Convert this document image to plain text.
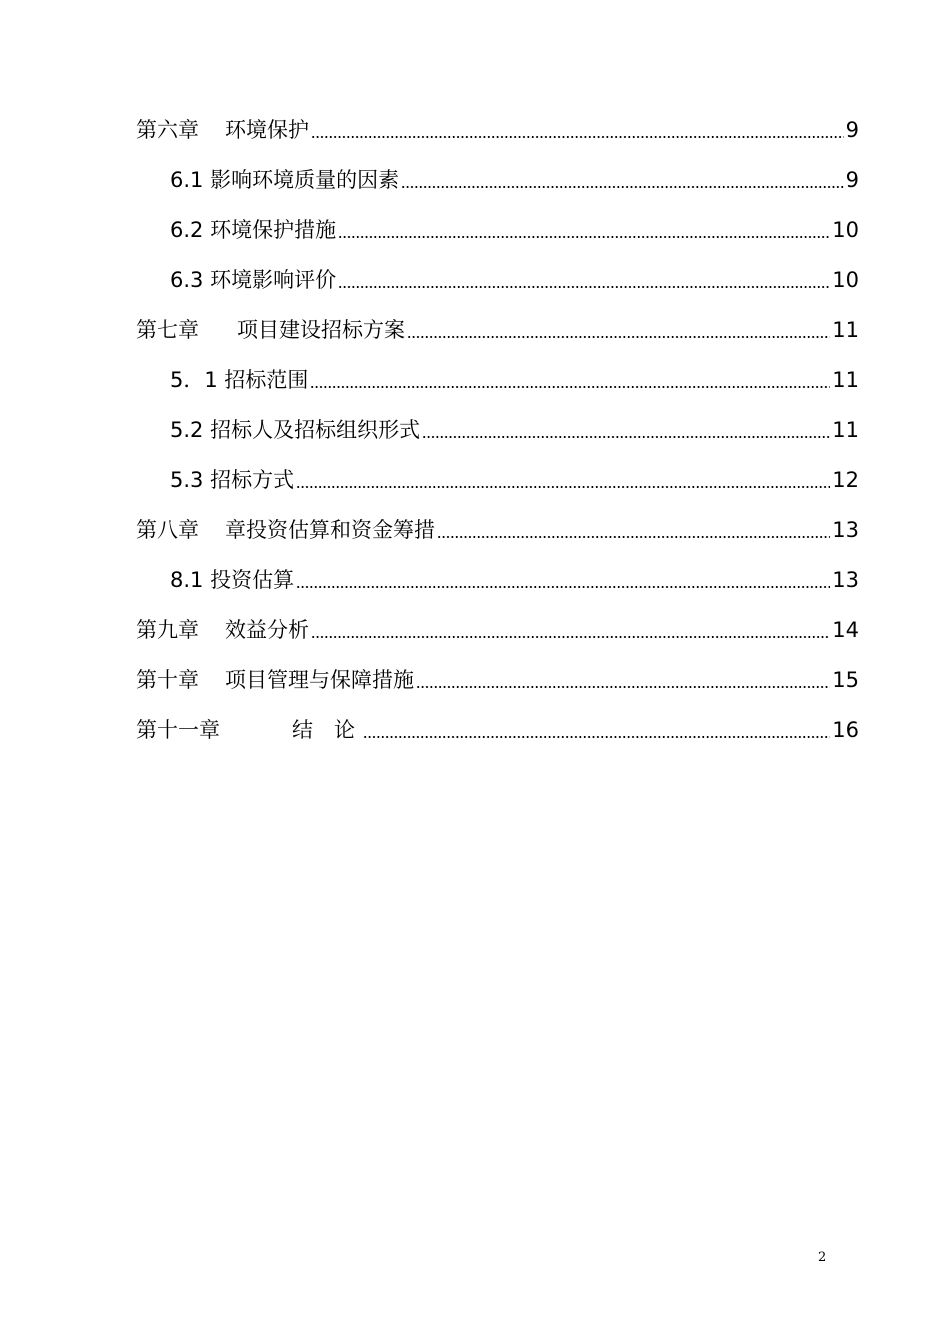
第六章	环境保护	9
6.1 影响环境质量的因素	9
6.2 环境保护措施	10
6.3 环境影响评价	10
第七章	项目建设招标方案	11
5．1 招标范围	11
5.2 招标人及招标组织形式	11
5.3 招标方式	12
第八章	章投资估算和资金筹措	13
8.1 投资估算	13
第九章	效益分析	14
第十章	项目管理与保障措施	15
第十一章	结　论	16
2
